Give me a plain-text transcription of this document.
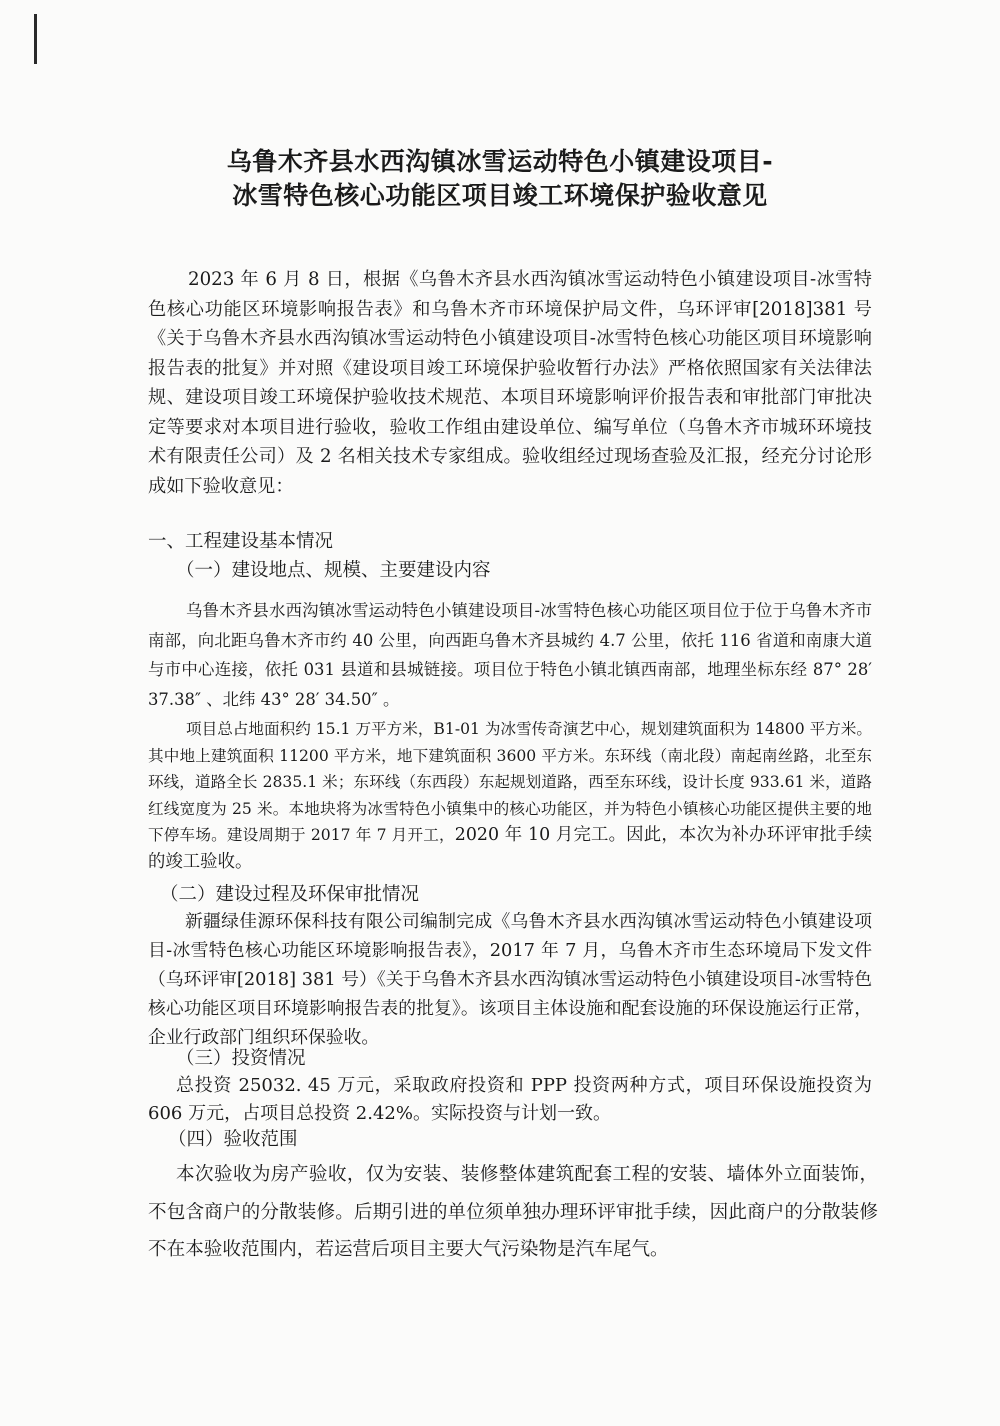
乌鲁木齐县水西沟镇冰雪运动特色小镇建设项目-
冰雪特色核心功能区项目竣工环境保护验收意见
2023 年 6 月 8 日，根据《乌鲁木齐县水西沟镇冰雪运动特色小镇建设项目-冰雪特色核心功能区环境影响报告表》和乌鲁木齐市环境保护局文件，乌环评审[2018]381 号《关于乌鲁木齐县水西沟镇冰雪运动特色小镇建设项目-冰雪特色核心功能区项目环境影响报告表的批复》并对照《建设项目竣工环境保护验收暂行办法》严格依照国家有关法律法规、建设项目竣工环境保护验收技术规范、本项目环境影响评价报告表和审批部门审批决定等要求对本项目进行验收，验收工作组由建设单位、编写单位（乌鲁木齐市城环环境技术有限责任公司）及 2 名相关技术专家组成。验收组经过现场查验及汇报，经充分讨论形成如下验收意见：
一、工程建设基本情况
（一）建设地点、规模、主要建设内容
乌鲁木齐县水西沟镇冰雪运动特色小镇建设项目-冰雪特色核心功能区项目位于位于乌鲁木齐市南部，向北距乌鲁木齐市约 40 公里，向西距乌鲁木齐县城约 4.7 公里，依托 116 省道和南康大道与市中心连接，依托 031 县道和县城链接。项目位于特色小镇北镇西南部，地理坐标东经 87° 28′ 37.38″ 、北纬 43° 28′ 34.50″ 。
项目总占地面积约 15.1 万平方米，B1-01 为冰雪传奇演艺中心，规划建筑面积为 14800 平方米。其中地上建筑面积 11200 平方米，地下建筑面积 3600 平方米。东环线（南北段）南起南丝路，北至东环线，道路全长 2835.1 米；东环线（东西段）东起规划道路，西至东环线，设计长度 933.61 米，道路红线宽度为 25 米。本地块将为冰雪特色小镇集中的核心功能区，并为特色小镇核心功能区提供主要的地下停车场。建设周期于 2017 年 7 月开工，2020 年 10 月完工。因此，本次为补办环评审批手续的竣工验收。
（二）建设过程及环保审批情况
新疆绿佳源环保科技有限公司编制完成《乌鲁木齐县水西沟镇冰雪运动特色小镇建设项目-冰雪特色核心功能区环境影响报告表》，2017 年 7 月，乌鲁木齐市生态环境局下发文件（乌环评审[2018] 381 号）《关于乌鲁木齐县水西沟镇冰雪运动特色小镇建设项目-冰雪特色核心功能区项目环境影响报告表的批复》。该项目主体设施和配套设施的环保设施运行正常，企业行政部门组织环保验收。
（三）投资情况
总投资 25032. 45 万元，采取政府投资和 PPP 投资两种方式，项目环保设施投资为 606 万元，占项目总投资 2.42%。实际投资与计划一致。
（四）验收范围
本次验收为房产验收，仅为安装、装修整体建筑配套工程的安装、墙体外立面装饰，不包含商户的分散装修。后期引进的单位须单独办理环评审批手续，因此商户的分散装修不在本验收范围内，若运营后项目主要大气污染物是汽车尾气。
